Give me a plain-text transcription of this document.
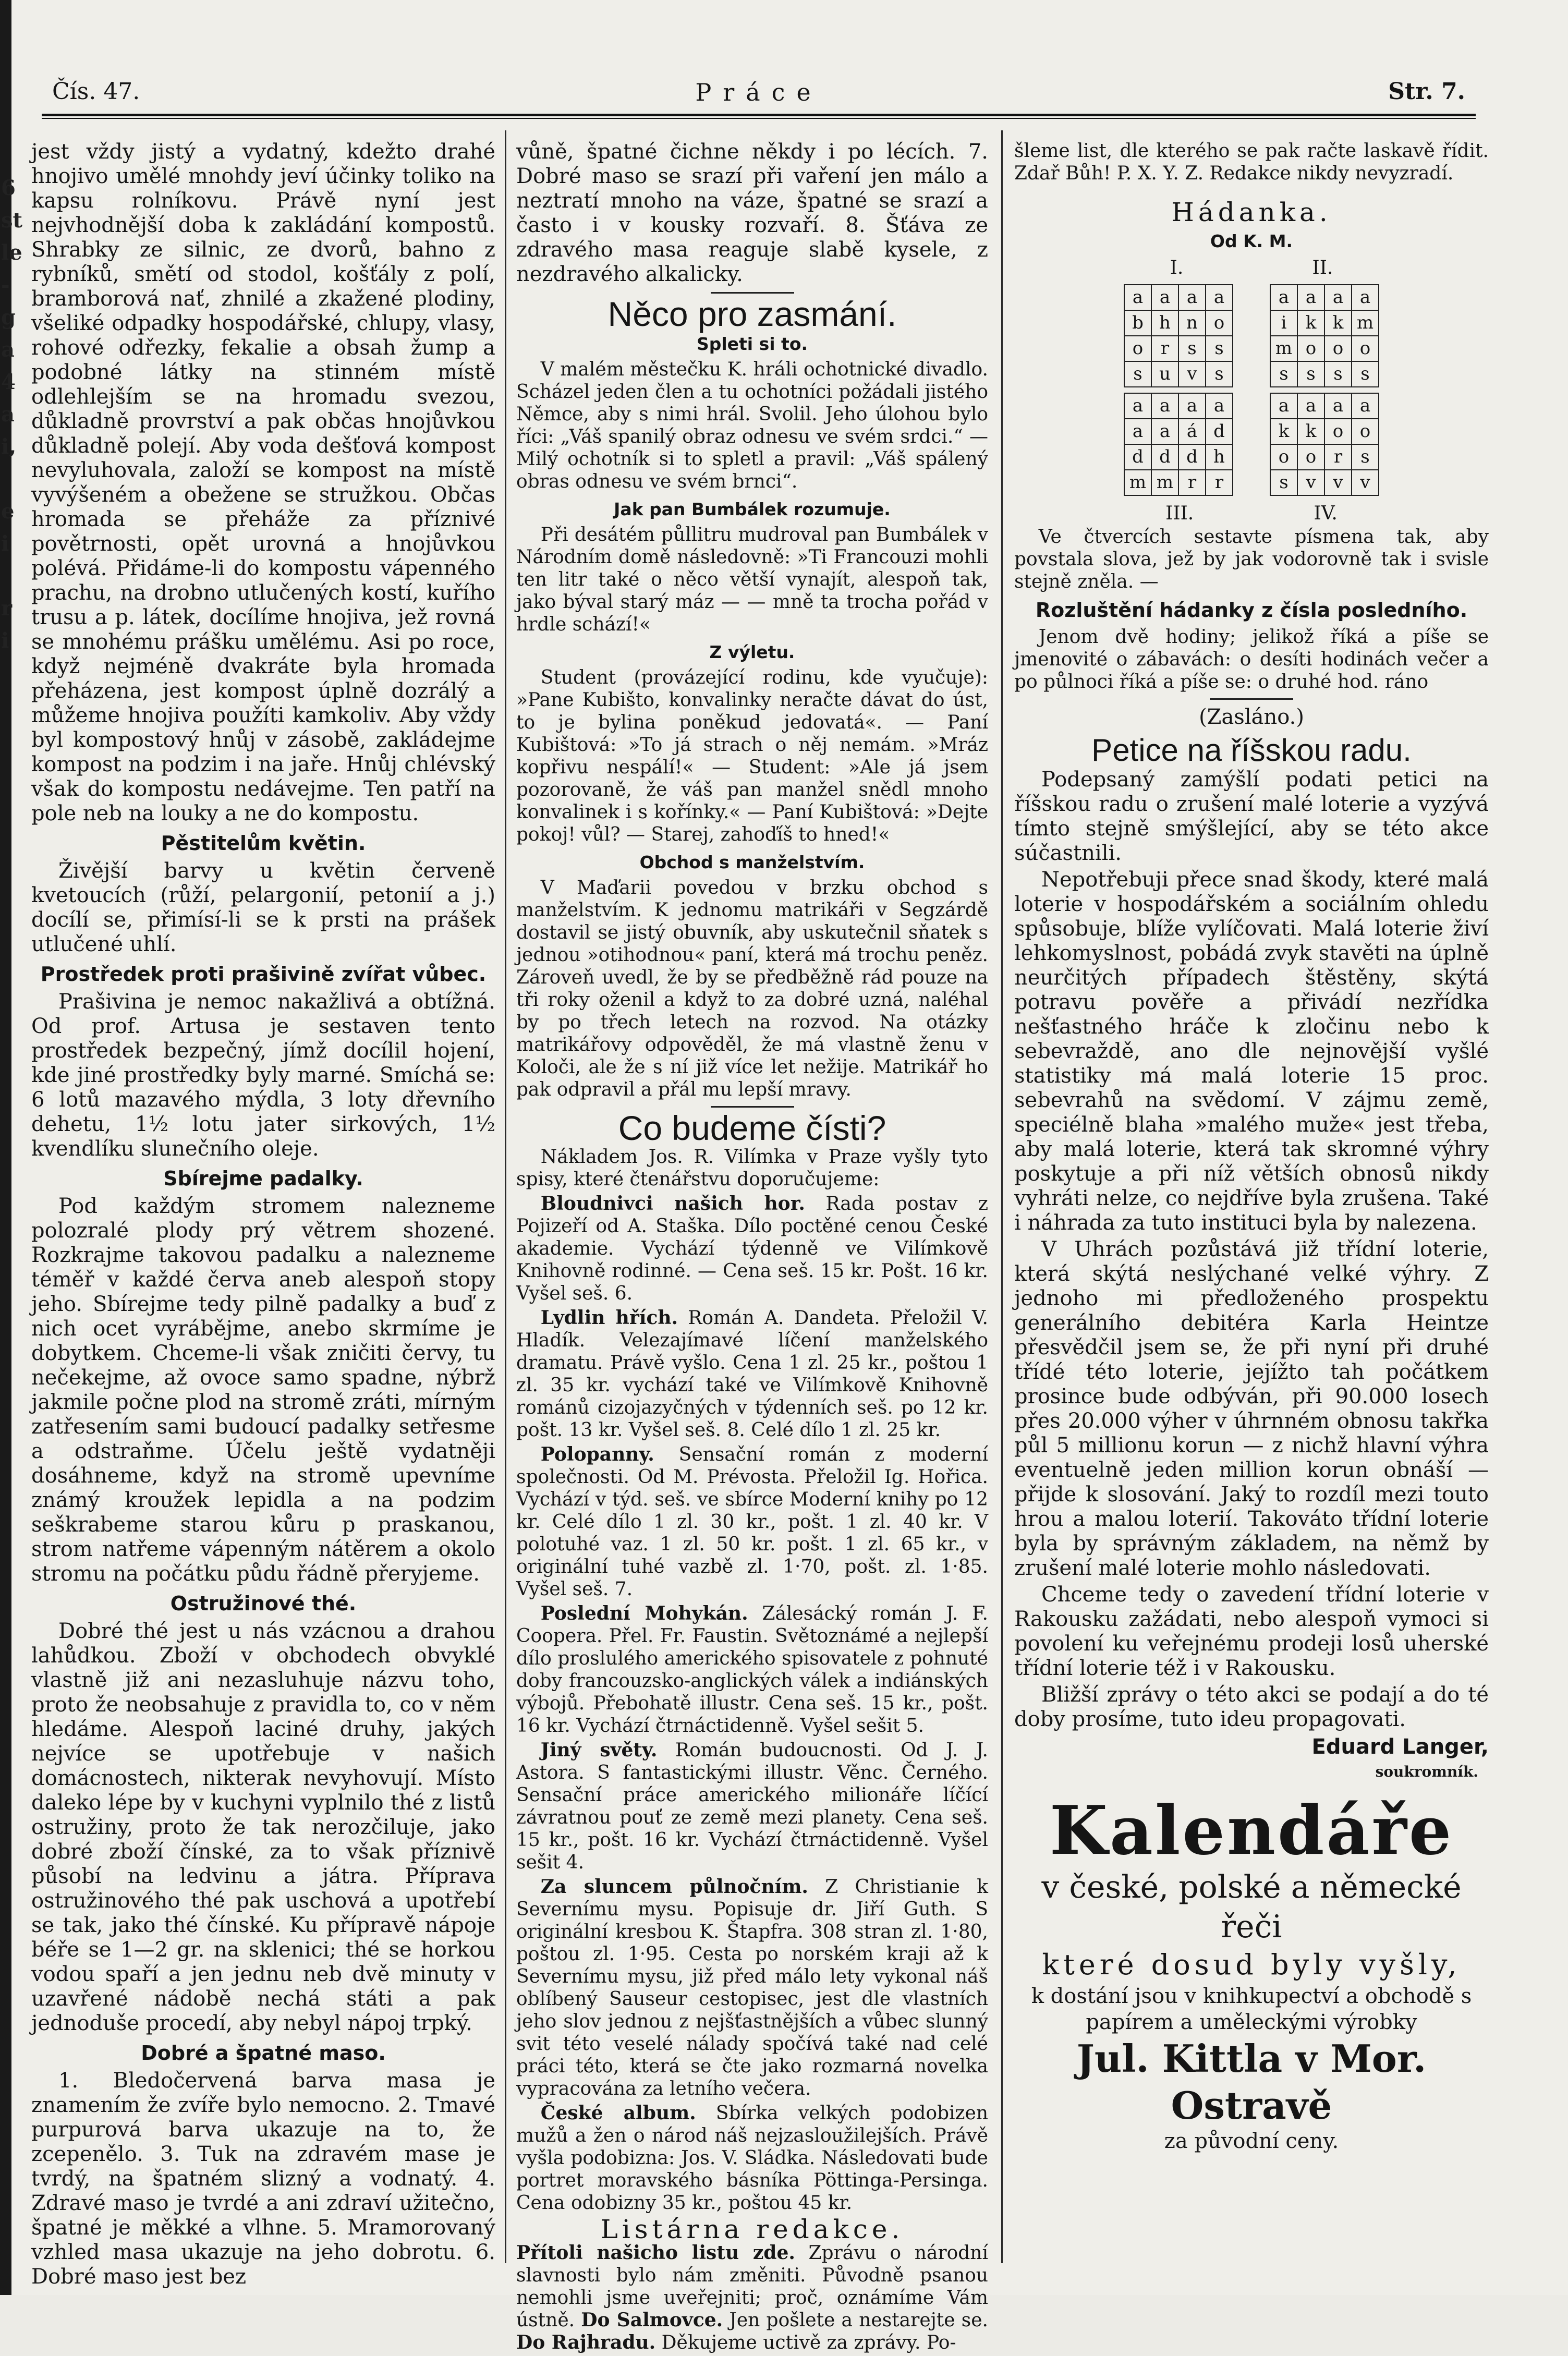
6
st
le
-
g
a
4
a
i,

e
i

r
i
Čís. 47.	Práce	Str. 7.

jest vždy jistý a vydatný, kdežto drahé hnojivo umělé mnohdy jeví účinky toliko na kapsu rolníkovu. Právě nyní jest nejvhodnější doba k zakládání kompostů. Shrabky ze silnic, ze dvorů, bahno z rybníků, smětí od stodol, košťály z polí, bramborová nať, zhnilé a zkažené plodiny, všeliké odpadky hospodářské, chlupy, vlasy, rohové odřezky, fekalie a obsah žump a podobné látky na stinném místě odlehlejším se na hromadu svezou, důkladně provrství a pak občas hnojůvkou důkladně polejí. Aby voda dešťová kompost nevyluhovala, založí se kompost na místě vyvýšeném a obežene se stružkou. Občas hromada se přeháže za příznivé povětrnosti, opět urovná a hnojůvkou polévá. Přidáme-li do kompostu vápenného prachu, na drobno utlučených kostí, kuřího trusu a p. látek, docílíme hnojiva, jež rovná se mnohému prášku umělému. Asi po roce, když nejméně dvakráte byla hromada přeházena, jest kompost úplně dozrálý a můžeme hnojiva použíti kamkoliv. Aby vždy byl kompostový hnůj v zásobě, zakládejme kompost na podzim i na jaře. Hnůj chlévský však do kompostu nedávejme. Ten patří na pole neb na louky a ne do kompostu.

Pěstitelům květin.

Živější barvy u květin červeně kvetoucích (růží, pelargonií, petonií a j.) docílí se, přimísí-li se k prsti na prášek utlučené uhlí.

Prostředek proti prašivině zvířat vůbec.

Prašivina je nemoc nakažlivá a obtížná. Od prof. Artusa je sestaven tento prostředek bezpečný, jímž docílil hojení, kde jiné prostředky byly marné. Smíchá se: 6 lotů mazavého mýdla, 3 loty dřevního dehetu, 1½ lotu jater sirkových, 1½ kvendlíku slunečního oleje.

Sbírejme padalky.

Pod každým stromem nalezneme polozralé plody prý větrem shozené. Rozkrajme takovou padalku a nalezneme téměř v každé červa aneb alespoň stopy jeho. Sbírejme tedy pilně padalky a buď z nich ocet vyrábějme, anebo skrmíme je dobytkem. Chceme-li však zničiti červy, tu nečekejme, až ovoce samo spadne, nýbrž jakmile počne plod na stromě zráti, mírným zatřesením sami budoucí padalky setřesme a odstraňme. Účelu ještě vydatněji dosáhneme, když na stromě upevníme známý kroužek lepidla a na podzim seškrabeme starou kůru p praskanou, strom natřeme vápenným nátěrem a okolo stromu na počátku půdu řádně přeryjeme.

Ostružinové thé.

Dobré thé jest u nás vzácnou a drahou lahůdkou. Zboží v obchodech obvyklé vlastně již ani nezasluhuje názvu toho, proto že neobsahuje z pravidla to, co v něm hledáme. Alespoň laciné druhy, jakých nejvíce se upotřebuje v našich domácnostech, nikterak nevyhovují. Místo daleko lépe by v kuchyni vyplnilo thé z listů ostružiny, proto že tak nerozčiluje, jako dobré zboží čínské, za to však příznivě působí na ledvinu a játra. Příprava ostružinového thé pak uschová a upotřebí se tak, jako thé čínské. Ku přípravě nápoje béře se 1—2 gr. na sklenici; thé se horkou vodou spaří a jen jednu neb dvě minuty v uzavřené nádobě nechá státi a pak jednoduše procedí, aby nebyl nápoj trpký.

Dobré a špatné maso.

1. Bledočervená barva masa je znamením že zvíře bylo nemocno. 2. Tmavé purpurová barva ukazuje na to, že zcepenělo. 3. Tuk na zdravém mase je tvrdý, na špatném slizný a vodnatý. 4. Zdravé maso je tvrdé a ani zdraví užitečno, špatné je měkké a vlhne. 5. Mramorovaný vzhled masa ukazuje na jeho dobrotu. 6. Dobré maso jest bez

vůně, špatné čichne někdy i po lécích. 7. Dobré maso se srazí při vaření jen málo a neztratí mnoho na váze, špatné se srazí a často i v kousky rozvaří. 8. Šťáva ze zdravého masa reaguje slabě kysele, z nezdravého alkalicky.

Něco pro zasmání.
Spleti si to.

V malém městečku K. hráli ochotnické divadlo. Scházel jeden člen a tu ochotníci požádali jistého Němce, aby s nimi hrál. Svolil. Jeho úlohou bylo říci: „Váš spanilý obraz odnesu ve svém srdci.“ — Milý ochotník si to spletl a pravil: „Váš spálený obras odnesu ve svém brnci“.

Jak pan Bumbálek rozumuje.

Při desátém půllitru mudroval pan Bumbálek v Národním domě následovně: »Ti Francouzi mohli ten litr také o něco větší vynajít, alespoň tak, jako býval starý máz — — mně ta trocha pořád v hrdle schází!«

Z výletu.

Student (provázející rodinu, kde vyučuje): »Pane Kubišto, konvalinky neračte dávat do úst, to je bylina poněkud jedovatá«. — Paní Kubištová: »To já strach o něj nemám. »Mráz kopřivu nespálí!« — Student: »Ale já jsem pozorovaně, že váš pan manžel snědl mnoho konvalinek i s kořínky.« — Paní Kubištová: »Dejte pokoj! vůl? — Starej, zahoďíš to hned!«

Obchod s manželstvím.

V Maďarii povedou v brzku obchod s manželstvím. K jednomu matrikáři v Segzárdě dostavil se jistý obuvník, aby uskutečnil sňatek s jednou »otihodnou« paní, která má trochu peněz. Zároveň uvedl, že by se předběžně rád pouze na tři roky oženil a když to za dobré uzná, naléhal by po třech letech na rozvod. Na otázky matrikářovy odpověděl, že má vlastně ženu v Koloči, ale že s ní již více let nežije. Matrikář ho pak odpravil a přál mu lepší mravy.

Co budeme čísti?

Nákladem Jos. R. Vilímka v Praze vyšly tyto spisy, které čtenářstvu doporučujeme:

Bloudnivci našich hor. Rada postav z Pojizeří od A. Staška. Dílo poctěné cenou České akademie. Vychází týdenně ve Vilímkově Knihovně rodinné. — Cena seš. 15 kr. Pošt. 16 kr. Vyšel seš. 6.

Lydlin hřích. Román A. Dandeta. Přeložil V. Hladík. Velezajímavé líčení manželského dramatu. Právě vyšlo. Cena 1 zl. 25 kr., poštou 1 zl. 35 kr. vychází také ve Vilímkově Knihovně románů cizojazyčných v týdenních seš. po 12 kr. pošt. 13 kr. Vyšel seš. 8. Celé dílo 1 zl. 25 kr.

Polopanny. Sensační román z moderní společnosti. Od M. Prévosta. Přeložil Ig. Hořica. Vychází v týd. seš. ve sbírce Moderní knihy po 12 kr. Celé dílo 1 zl. 30 kr., pošt. 1 zl. 40 kr. V polotuhé vaz. 1 zl. 50 kr. pošt. 1 zl. 65 kr., v originální tuhé vazbě zl. 1·70, pošt. zl. 1·85. Vyšel seš. 7.

Poslední Mohykán. Zálesácký román J. F. Coopera. Přel. Fr. Faustin. Světoznámé a nejlepší dílo proslulého amerického spisovatele z pohnuté doby francouzsko-anglických válek a indiánských výbojů. Přebohatě illustr. Cena seš. 15 kr., pošt. 16 kr. Vychází čtrnáctidenně. Vyšel sešit 5.

Jiný světy. Román budoucnosti. Od J. J. Astora. S fantastickými illustr. Věnc. Černého. Sensační práce amerického milionáře líčící závratnou pouť ze země mezi planety. Cena seš. 15 kr., pošt. 16 kr. Vychází čtrnáctidenně. Vyšel sešit 4.

Za sluncem půlnočním. Z Christianie k Severnímu mysu. Popisuje dr. Jiří Guth. S originální kresbou K. Štapfra. 308 stran zl. 1·80, poštou zl. 1·95. Cesta po norském kraji až k Severnímu mysu, již před málo lety vykonal náš oblíbený Sauseur cestopisec, jest dle vlastních jeho slov jednou z nejšťastnějších a vůbec slunný svit této veselé nálady spočívá také nad celé práci této, která se čte jako rozmarná novelka vypracována za letního večera.

České album. Sbírka velkých podobizen mužů a žen o národ náš nejzasloužilejších. Právě vyšla podobizna: Jos. V. Sládka. Následovati bude portret moravského básníka Pöttinga-Persinga. Cena odobizny 35 kr., poštou 45 kr.

Listárna redakce.

Přítoli našicho listu zde. Zprávu o národní slavnosti bylo nám změniti. Původně psanou nemohli jsme uveřejniti; proč, oznámíme Vám ústně. Do Salmovce. Jen pošlete a nestarejte se. Do Rajhradu. Děkujeme uctivě za zprávy. Po-

šleme list, dle kterého se pak račte laskavě řídit. Zdař Bůh! P. X. Y. Z. Redakce nikdy nevyzradí.

Hádanka.
Od K. M.
I.	II.
a	a	a	a
b	h	n	o
o	r	s	s
s	u	v	s
a	a	a	a
i	k	k	m
m	o	o	o
s	s	s	s
a	a	a	a
a	a	á	d
d	d	d	h
m	m	r	r
a	a	a	a
k	k	o	o
o	o	r	s
s	v	v	v
III.	IV.

Ve čtvercích sestavte písmena tak, aby povstala slova, jež by jak vodorovně tak i svisle stejně zněla. —

Rozluštění hádanky z čísla posledního.

Jenom dvě hodiny; jelikož říká a píše se jmenovité o zábavách: o desíti hodinách večer a po půlnoci říká a píše se: o druhé hod. ráno

(Zasláno.)
Petice na říšskou radu.

Podepsaný zamýšlí podati petici na říšskou radu o zrušení malé loterie a vyzývá tímto stejně smýšlející, aby se této akce súčastnili.

Nepotřebuji přece snad škody, které malá loterie v hospodářském a sociálním ohledu spůsobuje, blíže vylíčovati. Malá loterie živí lehkomyslnost, pobádá zvyk stavěti na úplně neurčitých případech štěstěny, skýtá potravu pověře a přivádí nezřídka nešťastného hráče k zločinu nebo k sebevraždě, ano dle nejnovější vyšlé statistiky má malá loterie 15 proc. sebevrahů na svědomí. V zájmu země, speciélně blaha »malého muže« jest třeba, aby malá loterie, která tak skromné výhry poskytuje a při níž větších obnosů nikdy vyhráti nelze, co nejdříve byla zrušena. Také i náhrada za tuto instituci byla by nalezena.

V Uhrách pozůstává již třídní loterie, která skýtá neslýchané velké výhry. Z jednoho mi předloženého prospektu generálního debitéra Karla Heintze přesvědčil jsem se, že při nyní při druhé třídé této loterie, jejížto tah počátkem prosince bude odbýván, při 90.000 losech přes 20.000 výher v úhrnném obnosu takřka půl 5 millionu korun — z nichž hlavní výhra eventuelně jeden million korun obnáší — přijde k slosování. Jaký to rozdíl mezi touto hrou a malou loterií. Takováto třídní loterie byla by správným základem, na němž by zrušení malé loterie mohlo následovati.

Chceme tedy o zavedení třídní loterie v Rakousku zažádati, nebo alespoň vymoci si povolení ku veřejnému prodeji losů uherské třídní loterie též i v Rakousku.

Bližší zprávy o této akci se podají a do té doby prosíme, tuto ideu propagovati.

Eduard Langer,
soukromník.
Kalendáře
v české, polské a německé řeči
které dosud byly vyšly,
k dostání jsou v knihkupectví a obchodě s papírem a uměleckými výrobky
Jul. Kittla v Mor. Ostravě
za původní ceny.
